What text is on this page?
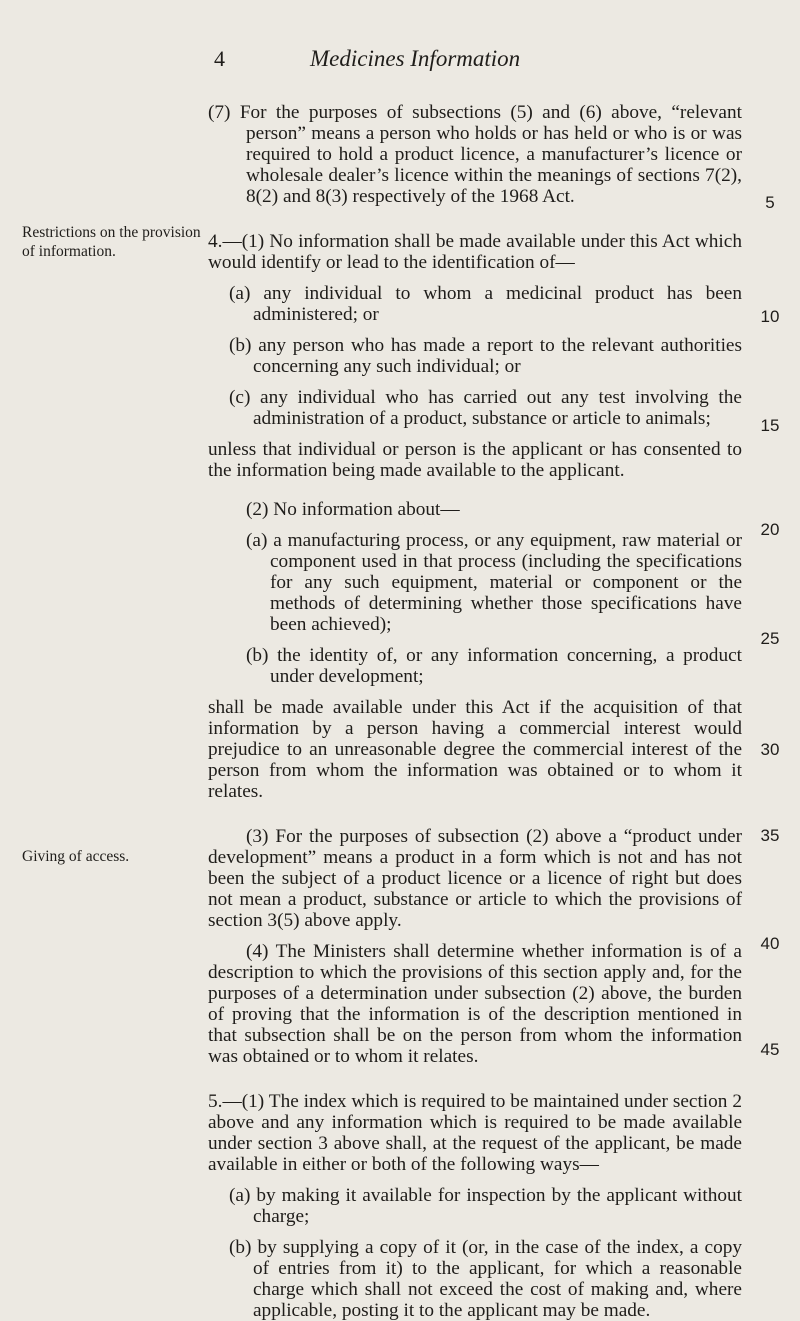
4	Medicines Information
Restrictions on the provision of information.
Giving of access.
5
10
15
20
25
30
35
40
45

(7) For the purposes of subsections (5) and (6) above, “relevant person” means a person who holds or has held or who is or was required to hold a product licence, a manufacturer’s licence or wholesale dealer’s licence within the meanings of sections 7(2), 8(2) and 8(3) respectively of the 1968 Act.

4.—(1) No information shall be made available under this Act which would identify or lead to the identification of—

(a) any individual to whom a medicinal product has been administered; or

(b) any person who has made a report to the relevant authorities concerning any such individual; or

(c) any individual who has carried out any test involving the administration of a product, substance or article to animals;

unless that individual or person is the applicant or has consented to the information being made available to the applicant.

(2) No information about—

(a) a manufacturing process, or any equipment, raw material or component used in that process (including the specifications for any such equipment, material or component or the methods of determining whether those specifications have been achieved);

(b) the identity of, or any information concerning, a product under development;

shall be made available under this Act if the acquisition of that information by a person having a commercial interest would prejudice to an unreasonable degree the commercial interest of the person from whom the information was obtained or to whom it relates.

(3) For the purposes of subsection (2) above a “product under development” means a product in a form which is not and has not been the subject of a product licence or a licence of right but does not mean a product, substance or article to which the provisions of section 3(5) above apply.

(4) The Ministers shall determine whether information is of a description to which the provisions of this section apply and, for the purposes of a determination under subsection (2) above, the burden of proving that the information is of the description mentioned in that subsection shall be on the person from whom the information was obtained or to whom it relates.

5.—(1) The index which is required to be maintained under section 2 above and any information which is required to be made available under section 3 above shall, at the request of the applicant, be made available in either or both of the following ways—

(a) by making it available for inspection by the applicant without charge;

(b) by supplying a copy of it (or, in the case of the index, a copy of entries from it) to the applicant, for which a reasonable charge which shall not exceed the cost of making and, where applicable, posting it to the applicant may be made.
